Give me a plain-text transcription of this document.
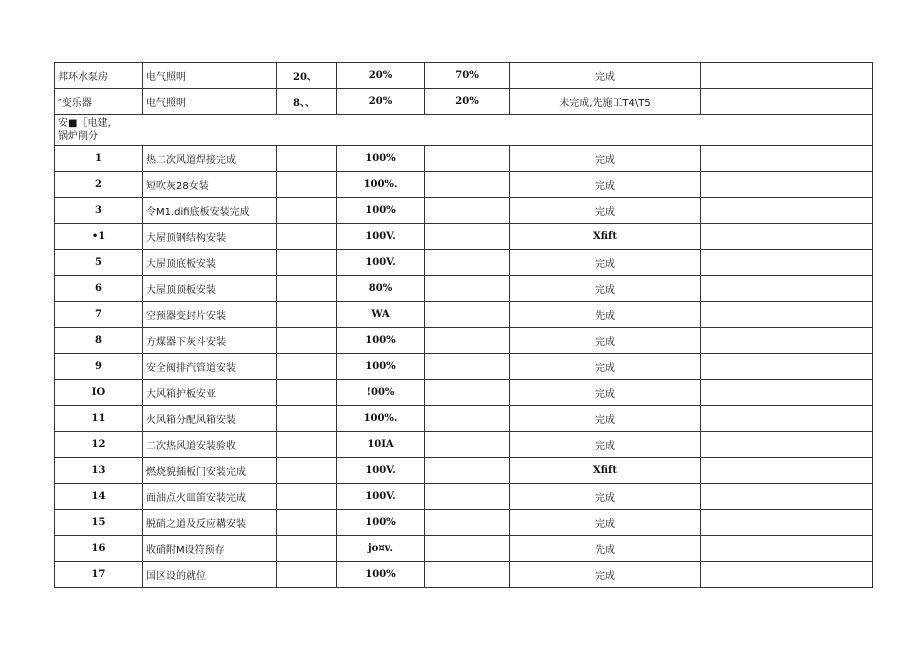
邦环水泵房	电气照明	20、	20%	70%	完成	
″变乐器	电气照明	8、、	20%	20%	未完成,先施工T4\T5	

安■［电建，
锅炉削分						

1	热二次风道焊接完成		100%		完成	
2	短吹灰28女装		100%.		完成	
3	令M1.difi底板安装完成		100%		完成	
•1	大屋顶钢结构安装		100V.		Xfift	
5	大屋顶底板安装		100V.		完成	
6	大屋顶顶板安装		80%		完成	
7	空预器变封片安装		WA		先成	
8	方煤器下灰斗安装		100%		完成	
9	安全阀排汽管道安装		100%		完成	
IO	大风箱护板安亚		!00%		完成	
11	火风箱分配风箱安装		100%.		完成	
12	二次热风道安装验收		10IA		完成	
13	燃烧貌插板门安装完成		100V.		Xfift	
14	面油点火皿笛安装完成		100V.		完成	
15	脱硝之道及反应耩安装		100%		完成	
16	收硝附M设符预存		jo¤v.		先成	
17	国区设的就位		100%		完成	
